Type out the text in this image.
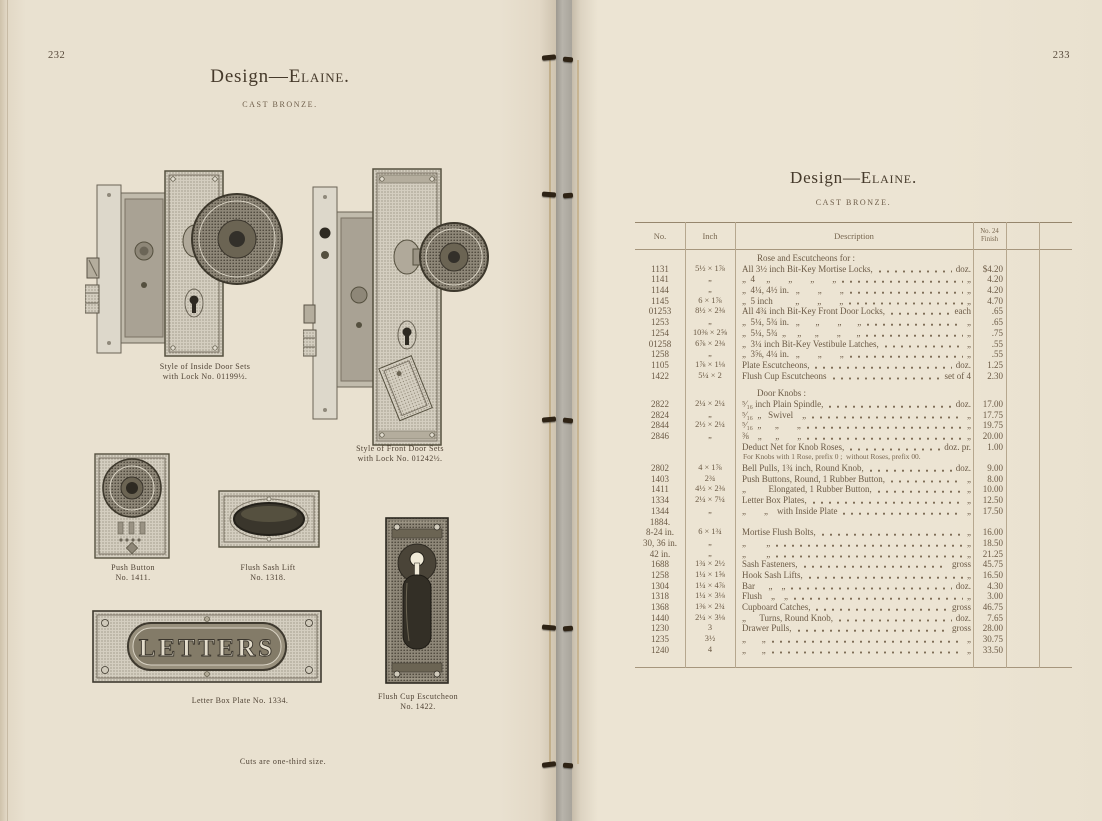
232
Design—Elaine.
CAST BRONZE.
Style of Inside Door Sets
with Lock No. 01199½.
Style of Front Door Sets
with Lock No. 01242½.
Push Button
No. 1411.
Flush Sash Lift
No. 1318.
LETTERS
Letter Box Plate No. 1334.	Flush Cup Escutcheon
No. 1422.
Cuts are one-third size.
233
Design—Elaine.
CAST BRONZE.
No.	Inch	Description	No. 24
Finish
Rose and Escutcheons for :
1131	5½ × 1⅞	All 3½ inch Bit-Key Mortise Locks,	doz.	$4.20
1141	„	„  4     „        „        „        „	„	4.20
1144	„	„  4¼, 4½ in.   „        „        „	„	4.20
1145	6 × 1⅞	„  5 inch          „        „        „	„	4.70
01253	8½ × 2⅜	All 4¾ inch Bit-Key Front Door Locks,	each	.65
1253	„	„  5¼, 5¾ in.   „       „        „       „	„	.65
1254	10⅜ × 2⅝	„  5¼, 5¾  „     „      „        „       „	„	.75
01258	6⅞ × 2⅜	„  3¼ inch Bit-Key Vestibule Latches,	„	.55
1258	„	„  3⅝, 4¼ in.   „        „        „	„	.55
1105	1⅞ × 1⅛	Plate Escutcheons,	doz.	1.25
1422	5¼ × 2	Flush Cup Escutcheons	set of 4	2.30
Door Knobs :
2822	2¼ × 2¼	⁵⁄₁₆ inch Plain Spindle,	doz.	17.00
2824	„	⁵⁄₁₆  „   Swivel    „	„	17.75
2844	2½ × 2¼	⁵⁄₁₆  „      „        „	„	19.75
2846	„	⅜    „      „        „	„	20.00
Deduct Net for Knob Roses,	doz. pr.	1.00
For Knobs with 1 Rose, prefix 0 ;  without Roses, prefix 00.
2802	4 × 1⅞	Bell Pulls, 1¾ inch, Round Knob,	doz.	9.00
1403	2¾	Push Buttons, Round, 1 Rubber Button,	„	8.00
1411	4½ × 2⅜	„          Elongated, 1 Rubber Button,	„	10.00
1334	2¼ × 7¼	Letter Box Plates,	„	12.50
1344	„	„        „    with Inside Plate	„	17.50
1884.
8-24 in.	6 × 1¾	Mortise Flush Bolts,	„	16.00
30, 36 in.	„	„         „	„	18.50
42 in.	„	„         „	„	21.25
1688	1¾ × 2½	Sash Fasteners,	gross	45.75
1258	1¼ × 1⅝	Hook Sash Lifts,	„	16.50
1304	1¼ × 4⅞	Bar      „    „	doz.	4.30
1318	1¼ × 3⅛	Flush    „    „	„	3.00
1368	1⅜ × 2¾	Cupboard Catches,	gross	46.75
1440	2¼ × 3⅛	„      Turns, Round Knob,	doz.	7.65
1230	3	Drawer Pulls,	gross	28.00
1235	3½	„       „	„	30.75
1240	4	„       „	„	33.50
